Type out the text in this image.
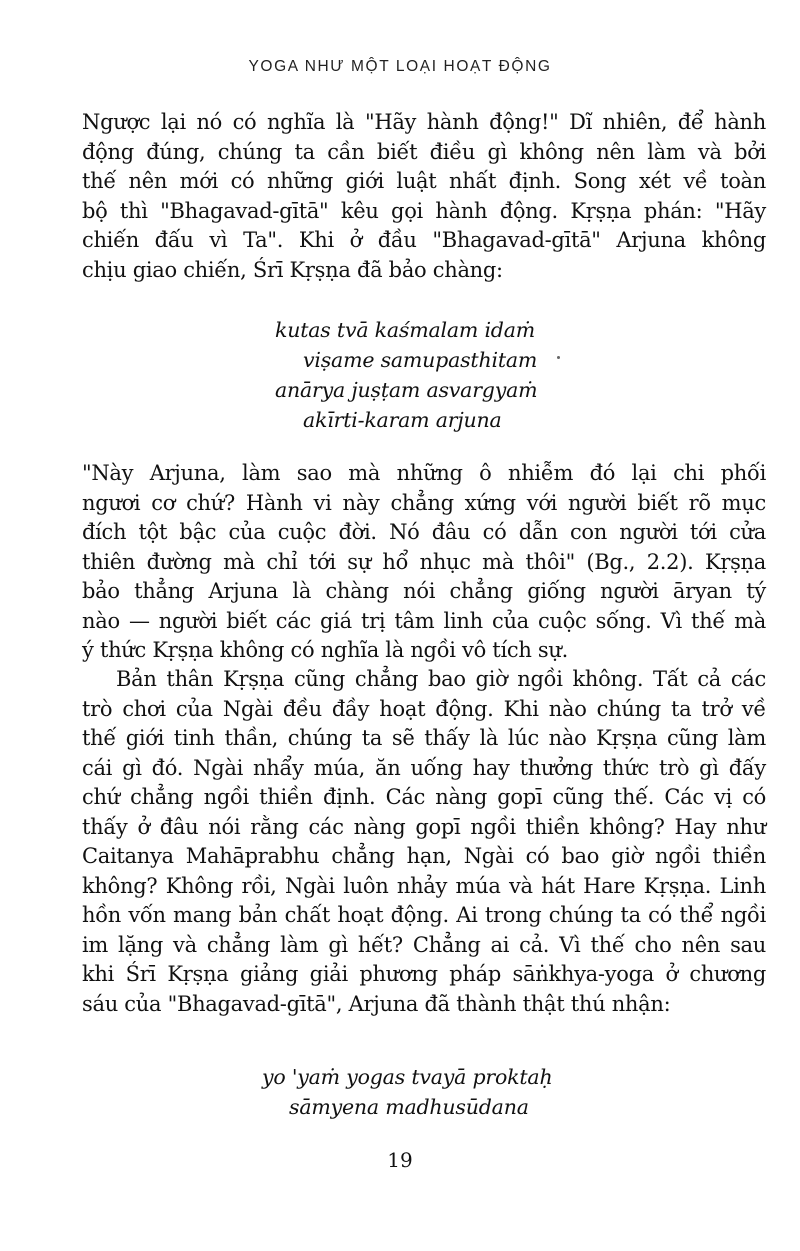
YOGA NHƯ MỘT LOẠI HOẠT ĐỘNG
Ngược lại nó có nghĩa là "Hãy hành động!" Dĩ nhiên, để hành
động đúng, chúng ta cần biết điều gì không nên làm và bởi
thế nên mới có những giới luật nhất định. Song xét về toàn
bộ thì "Bhagavad-gītā" kêu gọi hành động. Kṛṣṇa phán: "Hãy
chiến đấu vì Ta". Khi ở đầu "Bhagavad-gītā" Arjuna không
chịu giao chiến, Śrī Kṛṣṇa đã bảo chàng:
kutas tvā kaśmalam idaṁ
viṣame samupasthitam
anārya juṣṭam asvargyaṁ
akīrti-karam arjuna
"Này Arjuna, làm sao mà những ô nhiễm đó lại chi phối
ngươi cơ chứ? Hành vi này chẳng xứng với người biết rõ mục
đích tột bậc của cuộc đời. Nó đâu có dẫn con người tới cửa
thiên đường mà chỉ tới sự hổ nhục mà thôi" (Bg., 2.2). Kṛṣṇa
bảo thẳng Arjuna là chàng nói chẳng giống người āryan tý
nào — người biết các giá trị tâm linh của cuộc sống. Vì thế mà
ý thức Kṛṣṇa không có nghĩa là ngồi vô tích sự.
Bản thân Kṛṣṇa cũng chẳng bao giờ ngồi không. Tất cả các
trò chơi của Ngài đều đầy hoạt động. Khi nào chúng ta trở về
thế giới tinh thần, chúng ta sẽ thấy là lúc nào Kṛṣṇa cũng làm
cái gì đó. Ngài nhẩy múa, ăn uống hay thưởng thức trò gì đấy
chứ chẳng ngồi thiền định. Các nàng gopī cũng thế. Các vị có
thấy ở đâu nói rằng các nàng gopī ngồi thiền không? Hay như
Caitanya Mahāprabhu chẳng hạn, Ngài có bao giờ ngồi thiền
không? Không rồi, Ngài luôn nhảy múa và hát Hare Kṛṣṇa. Linh
hồn vốn mang bản chất hoạt động. Ai trong chúng ta có thể ngồi
im lặng và chẳng làm gì hết? Chẳng ai cả. Vì thế cho nên sau
khi Śrī Kṛṣṇa giảng giải phương pháp sāṅkhya-yoga ở chương
sáu của "Bhagavad-gītā", Arjuna đã thành thật thú nhận:
yo 'yaṁ yogas tvayā proktaḥ
sāmyena madhusūdana
19
